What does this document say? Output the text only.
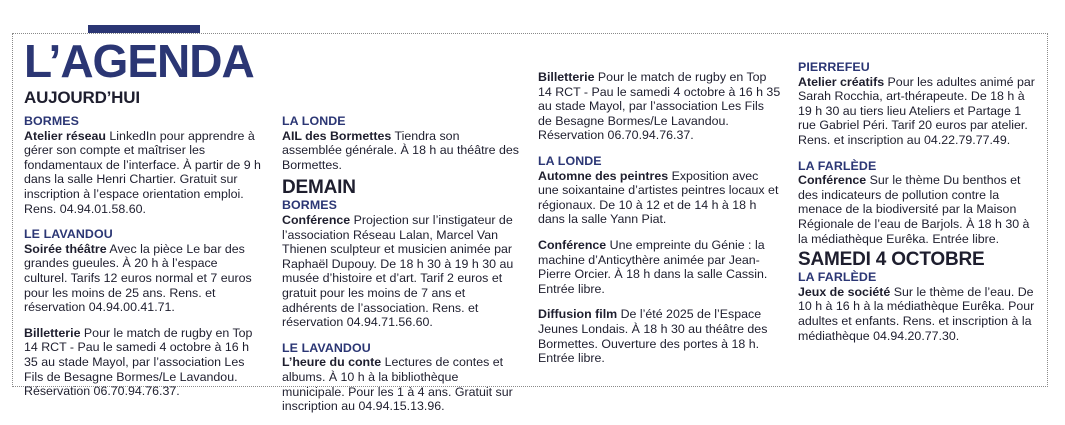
L’AGENDA
AUJOURD’HUI
BORMES

Atelier réseau LinkedIn pour apprendre à gérer son compte et maîtriser les fondamentaux de l’interface. À partir de 9 h dans la salle Henri Chartier. Gratuit sur inscription à l’espace orientation emploi. Rens. 04.94.01.58.60.

LE LAVANDOU

Soirée théâtre Avec la pièce Le bar des grandes gueules. À 20 h à l’espace culturel. Tarifs 12 euros normal et 7 euros pour les moins de 25 ans. Rens. et réservation 04.94.00.41.71.

Billetterie Pour le match de rugby en Top 14 RCT - Pau le samedi 4 octobre à 16 h 35 au stade Mayol, par l’association Les Fils de Besagne Bormes/Le Lavandou. Réservation 06.70.94.76.37.

LA LONDE

AIL des Bormettes Tiendra son assemblée générale. À 18 h au théâtre des Bormettes.

DEMAIN
BORMES

Conférence Projection sur l’instigateur de l’association Réseau Lalan, Marcel Van Thienen sculpteur et musicien animée par Raphaël Dupouy. De 18 h 30 à 19 h 30 au musée d’histoire et d’art. Tarif 2 euros et gratuit pour les moins de 7 ans et adhérents de l’association. Rens. et réservation 04.94.71.56.60.

LE LAVANDOU

L’heure du conte Lectures de contes et albums. À 10 h à la bibliothèque municipale. Pour les 1 à 4 ans. Gratuit sur inscription au 04.94.15.13.96.

Billetterie Pour le match de rugby en Top 14 RCT - Pau le samedi 4 octobre à 16 h 35 au stade Mayol, par l’association Les Fils de Besagne Bormes/Le Lavandou. Réservation 06.70.94.76.37.

LA LONDE

Automne des peintres Exposition avec une soixantaine d’artistes peintres locaux et régionaux. De 10 à 12 et de 14 h à 18 h dans la salle Yann Piat.

Conférence Une empreinte du Génie : la machine d’Anticythère animée par Jean-Pierre Orcier. À 18 h dans la salle Cassin. Entrée libre.

Diffusion film De l’été 2025 de l’Espace Jeunes Londais. À 18 h 30 au théâtre des Bormettes. Ouverture des portes à 18 h. Entrée libre.

PIERREFEU

Atelier créatifs Pour les adultes animé par Sarah Rocchia, art-thérapeute. De 18 h à 19 h 30 au tiers lieu Ateliers et Partage 1 rue Gabriel Péri. Tarif 20 euros par atelier. Rens. et inscription au 04.22.79.77.49.

LA FARLÈDE

Conférence Sur le thème Du benthos et des indicateurs de pollution contre la menace de la biodiversité par la Maison Régionale de l’eau de Barjols. À 18 h 30 à la médiathèque Eurêka. Entrée libre.

SAMEDI 4 OCTOBRE
LA FARLÈDE

Jeux de société Sur le thème de l’eau. De 10 h à 16 h à la médiathèque Eurêka. Pour adultes et enfants. Rens. et inscription à la médiathèque 04.94.20.77.30.
